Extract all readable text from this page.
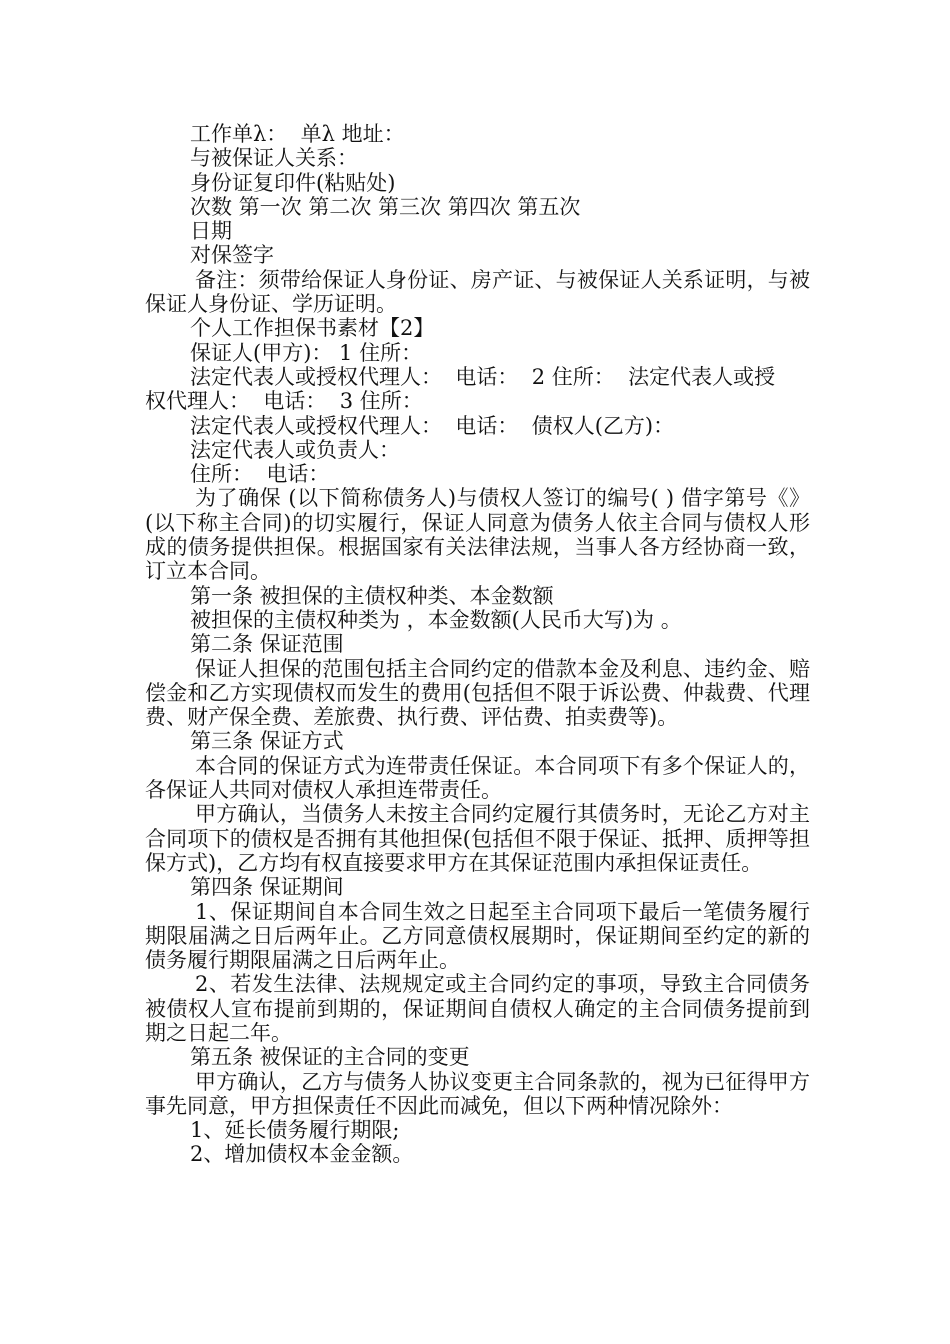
工作单λ：  单λ 地址：
与被保证人关系：
身份证复印件(粘贴处)
次数 第一次 第二次 第三次 第四次 第五次
日期
对保签字

备注：须带给保证人身份证、房产证、与被保证人关系证明，与被保证人身份证、学历证明。

个人工作担保书素材【2】
保证人(甲方)： 1 住所：
法定代表人或授权代理人：  电话：  2 住所：  法定代表人或授
权代理人：  电话：  3 住所：
法定代表人或授权代理人：  电话：  债权人(乙方)：
法定代表人或负责人：
住所：  电话：

为了确保 (以下简称债务人)与债权人签订的编号( ) 借字第号《》(以下称主合同)的切实履行，保证人同意为债务人依主合同与债权人形成的债务提供担保。根据国家有关法律法规，当事人各方经协商一致，订立本合同。

第一条 被担保的主债权种类、本金数额
被担保的主债权种类为 ，本金数额(人民币大写)为 。
第二条 保证范围

保证人担保的范围包括主合同约定的借款本金及利息、违约金、赔偿金和乙方实现债权而发生的费用(包括但不限于诉讼费、仲裁费、代理费、财产保全费、差旅费、执行费、评估费、拍卖费等)。

第三条 保证方式

本合同的保证方式为连带责任保证。本合同项下有多个保证人的，各保证人共同对债权人承担连带责任。

甲方确认，当债务人未按主合同约定履行其债务时，无论乙方对主合同项下的债权是否拥有其他担保(包括但不限于保证、抵押、质押等担保方式)，乙方均有权直接要求甲方在其保证范围内承担保证责任。

第四条 保证期间

1、保证期间自本合同生效之日起至主合同项下最后一笔债务履行期限届满之日后两年止。乙方同意债权展期时，保证期间至约定的新的债务履行期限届满之日后两年止。

2、若发生法律、法规规定或主合同约定的事项，导致主合同债务被债权人宣布提前到期的，保证期间自债权人确定的主合同债务提前到期之日起二年。

第五条 被保证的主合同的变更

甲方确认，乙方与债务人协议变更主合同条款的，视为已征得甲方事先同意，甲方担保责任不因此而减免，但以下两种情况除外：

1、延长债务履行期限;
2、增加债权本金金额。
